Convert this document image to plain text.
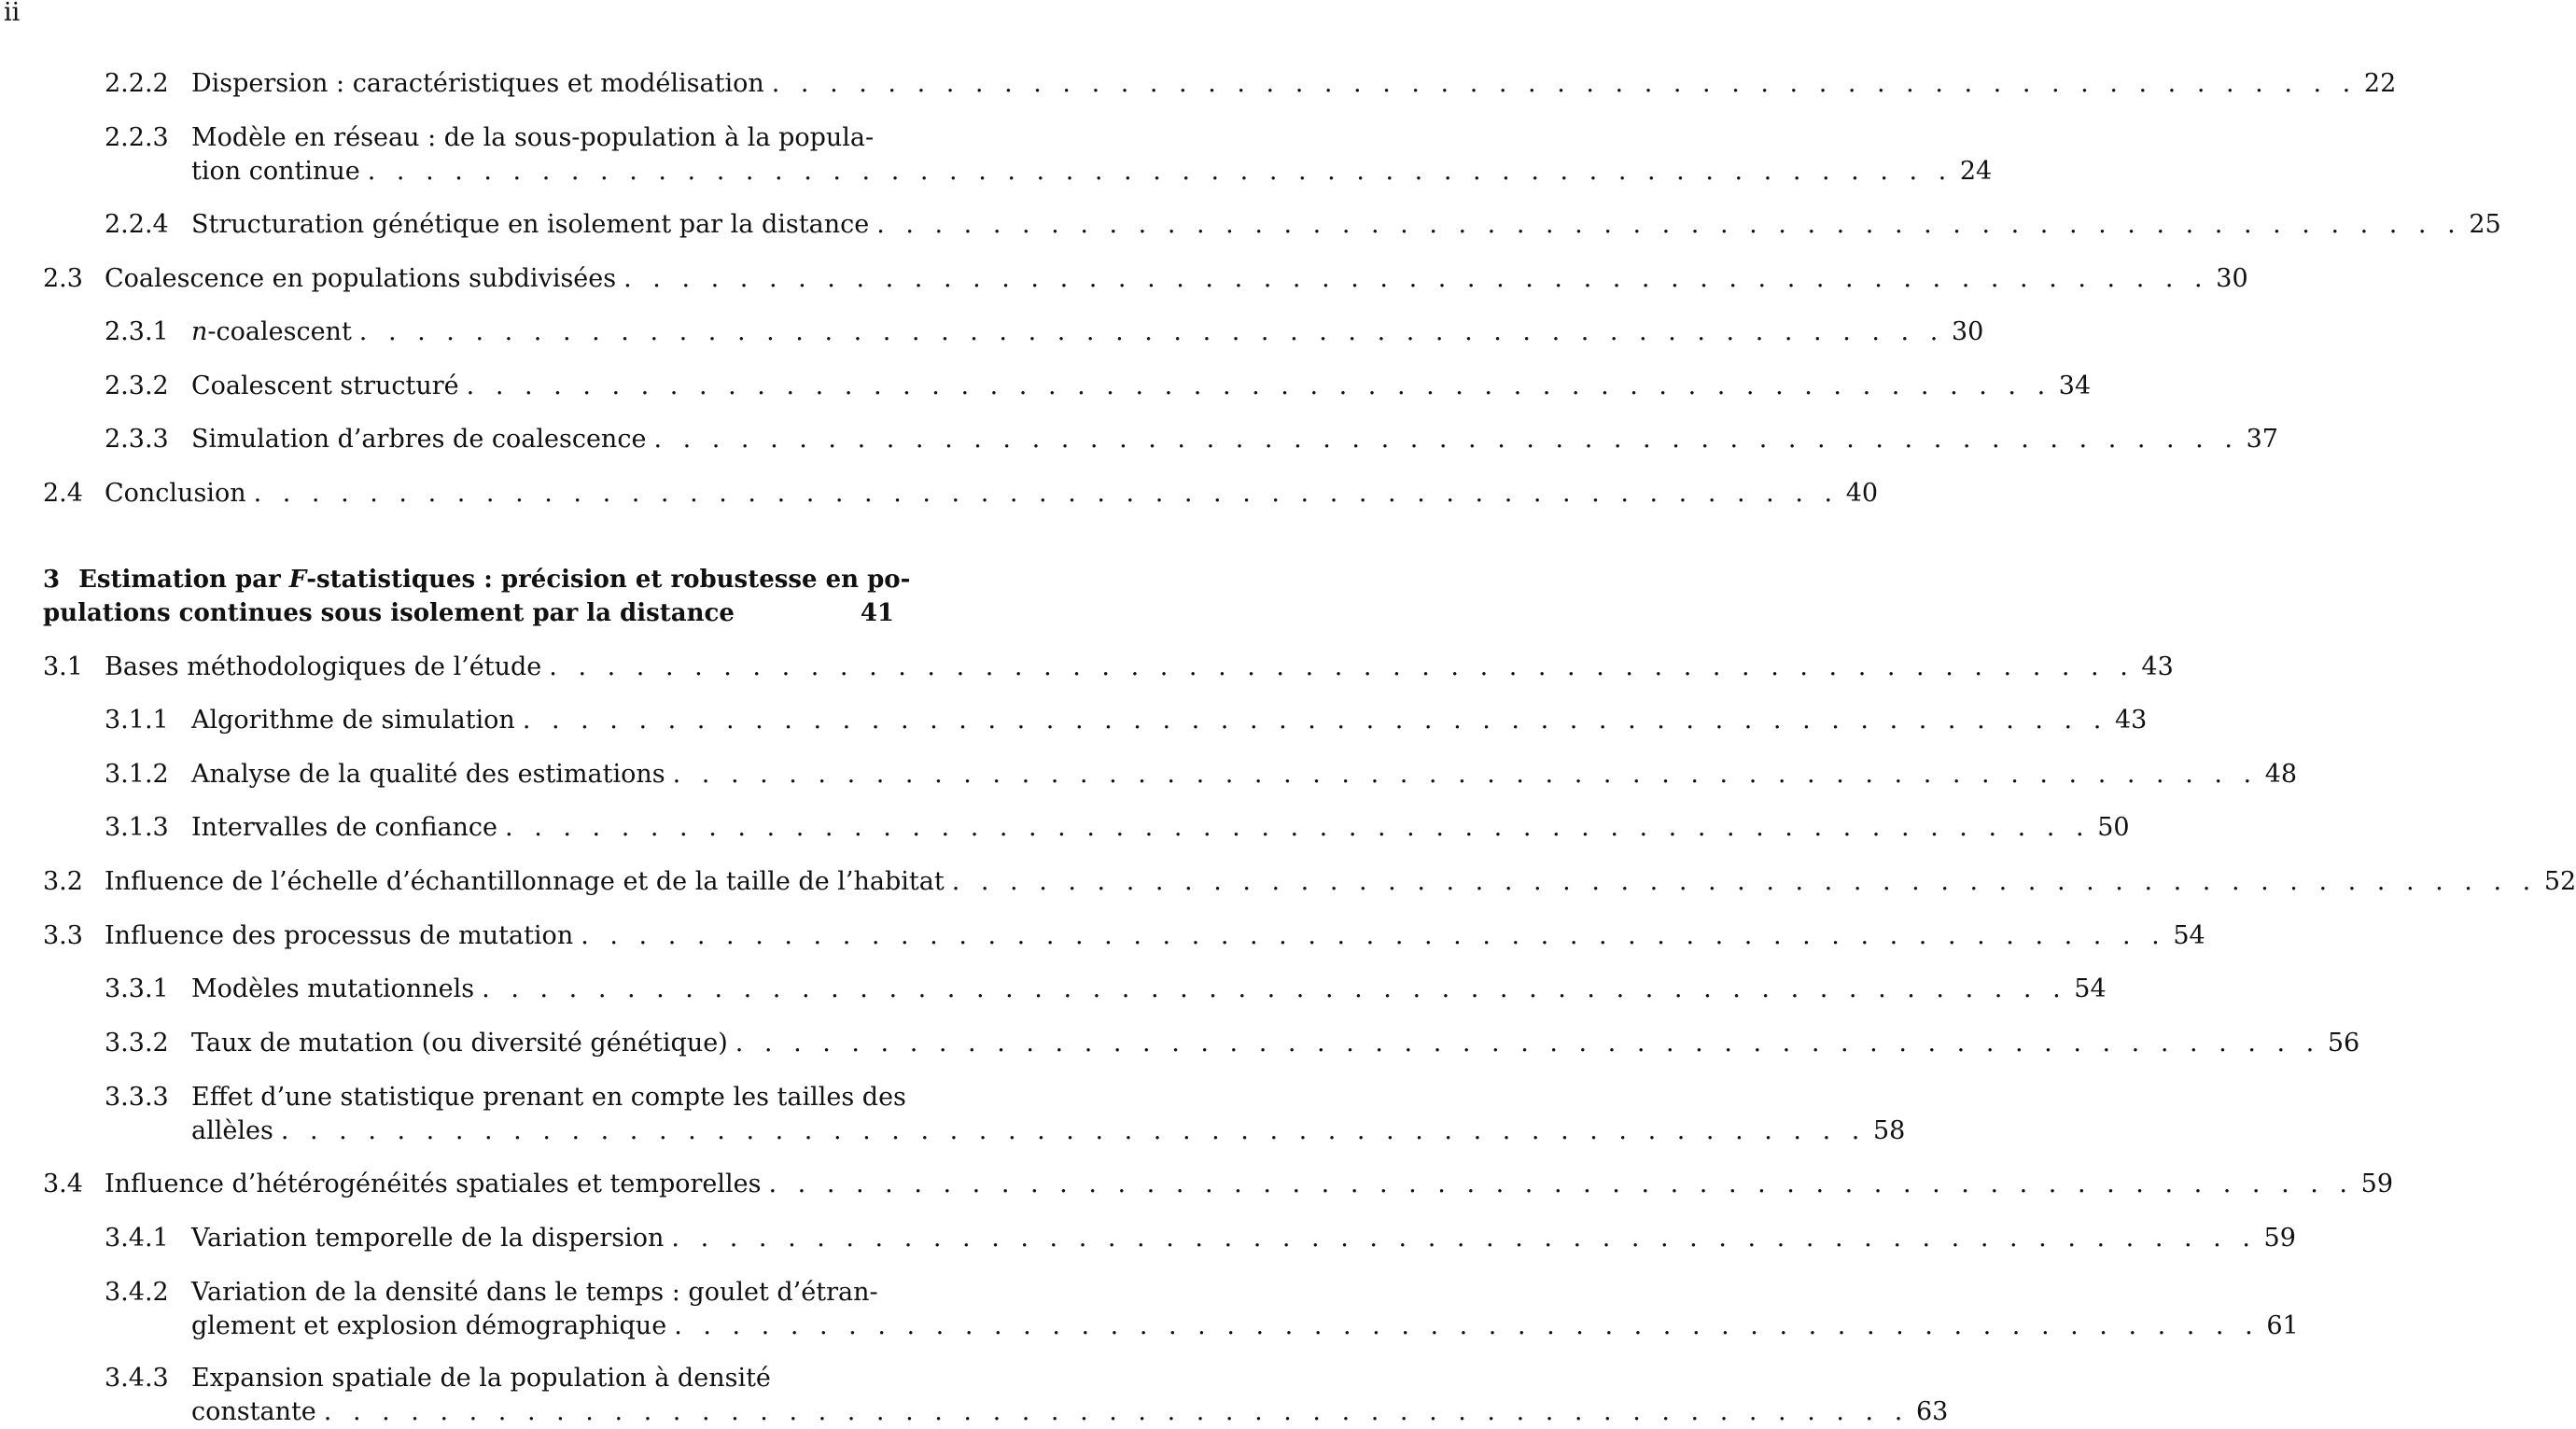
ii
2.2.2 Dispersion : caractéristiques et modélisation . . .	22
2.2.3 Modèle en réseau : de la sous-population à la popula-
tion continue . . .	24
2.2.4 Structuration génétique en isolement par la distance . . .	25
2.3 Coalescence en populations subdivisées . . .	30
2.3.1 n-coalescent . . .	30
2.3.2 Coalescent structuré . . .	34
2.3.3 Simulation d’arbres de coalescence . . .	37
2.4 Conclusion . . .	40
3 Estimation par F-statistiques : précision et robustesse en po-
pulations continues sous isolement par la distance	41
3.1 Bases méthodologiques de l’étude . . .	43
3.1.1 Algorithme de simulation . . .	43
3.1.2 Analyse de la qualité des estimations . . .	48
3.1.3 Intervalles de confiance . . .	50
3.2 Influence de l’échelle d’échantillonnage et de la taille de l’habitat . . .	52
3.3 Influence des processus de mutation . . .	54
3.3.1 Modèles mutationnels . . .	54
3.3.2 Taux de mutation (ou diversité génétique) . . .	56
3.3.3 Effet d’une statistique prenant en compte les tailles des
allèles . . .	58
3.4 Influence d’hétérogénéités spatiales et temporelles . . .	59
3.4.1 Variation temporelle de la dispersion . . .	59
3.4.2 Variation de la densité dans le temps : goulet d’étran-
glement et explosion démographique . . .	61
3.4.3 Expansion spatiale de la population à densité
constante . . .	63
